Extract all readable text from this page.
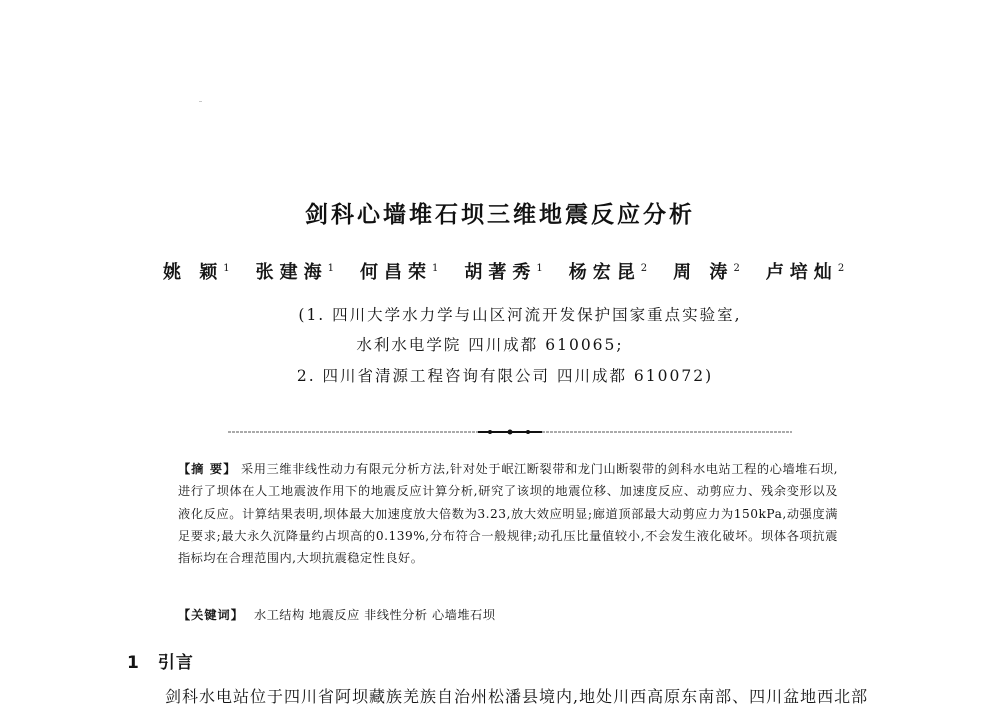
剑科心墙堆石坝三维地震反应分析
姚 颖$^1$ 张建海$^1$ 何昌荣$^1$ 胡著秀$^1$ 杨宏昆$^2$ 周 涛$^2$ 卢培灿$^2$
(1. 四川大学水力学与山区河流开发保护国家重点实验室,
水利水电学院 四川成都 610065;
2. 四川省清源工程咨询有限公司 四川成都 610072)
【摘 要】 采用三维非线性动力有限元分析方法,针对处于岷江断裂带和龙门山断裂带的剑科水电站工程的心墙堆石坝,进行了坝体在人工地震波作用下的地震反应计算分析,研究了该坝的地震位移、加速度反应、动剪应力、残余变形以及液化反应。计算结果表明,坝体最大加速度放大倍数为3.23,放大效应明显;廊道顶部最大动剪应力为150kPa,动强度满足要求;最大永久沉降量约占坝高的0.139%,分布符合一般规律;动孔压比量值较小,不会发生液化破坏。坝体各项抗震指标均在合理范围内,大坝抗震稳定性良好。
【关键词】 水工结构 地震反应 非线性分析 心墙堆石坝
1 引言
剑科水电站位于四川省阿坝藏族羌族自治州松潘县境内,地处川西高原东南部、四川盆地西北部
